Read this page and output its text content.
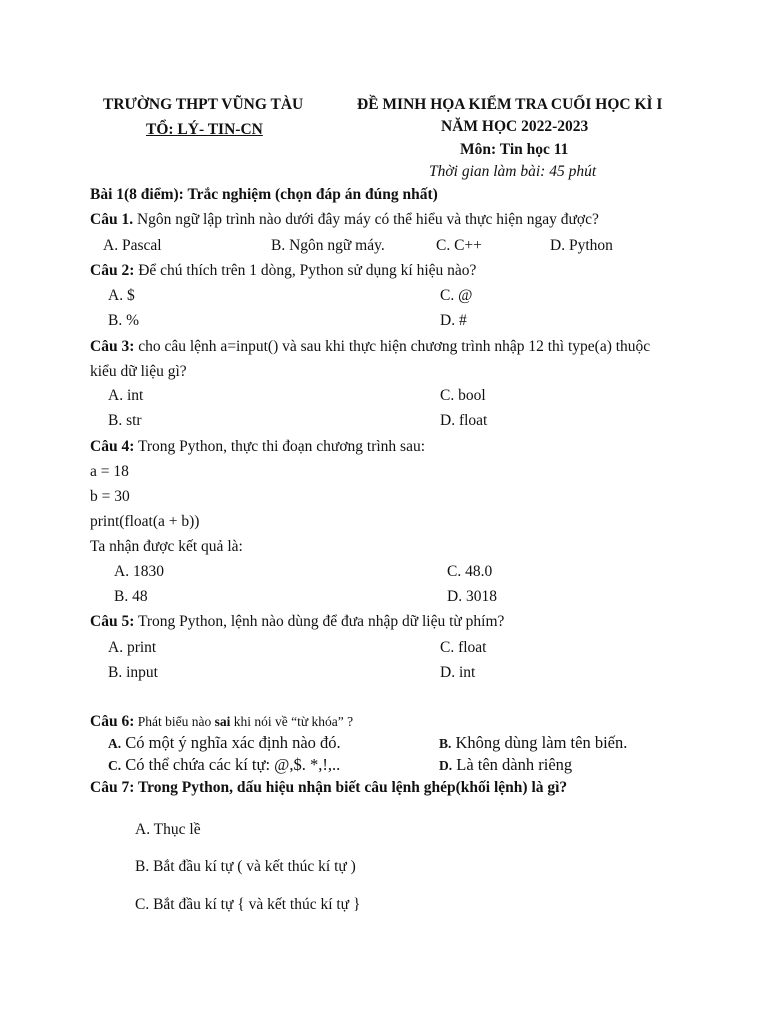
TRƯỜNG THPT VŨNG TÀU
TỔ: LÝ- TIN-CN
ĐỀ MINH HỌA KIỂM TRA CUỐI HỌC KÌ I
NĂM HỌC 2022-2023
Môn: Tin học 11
Thời gian làm bài: 45 phút
Bài 1(8 điểm): Trắc nghiệm (chọn đáp án đúng nhất)
Câu 1. Ngôn ngữ lập trình nào dưới đây máy có thể hiểu và thực hiện ngay được?
A. Pascal	B. Ngôn ngữ máy.	C. C++	D. Python
Câu 2: Để chú thích trên 1 dòng, Python sử dụng kí hiệu nào?
A. $	C. @
B. %	D. #
Câu 3: cho câu lệnh a=input() và sau khi thực hiện chương trình nhập 12 thì type(a) thuộc
kiểu dữ liệu gì?
A. int	C. bool
B. str	D. float
Câu 4: Trong Python, thực thi đoạn chương trình sau:
a = 18
b = 30
print(float(a + b))
Ta nhận được kết quả là:
A. 1830	C. 48.0
B. 48	D. 3018
Câu 5: Trong Python, lệnh nào dùng để đưa nhập dữ liệu từ phím?
A. print	C. float
B. input	D. int
Câu 6: Phát biểu nào sai khi nói về “từ khóa” ?
A. Có một ý nghĩa xác định nào đó.	B. Không dùng làm tên biến.
C. Có thể chứa các kí tự: @,$. *,!,..	D. Là tên dành riêng
Câu 7: Trong Python, dấu hiệu nhận biết câu lệnh ghép(khối lệnh) là gì?
A. Thục lề
B. Bắt đầu kí tự ( và kết thúc kí tự )
C. Bắt đầu kí tự { và kết thúc kí tự }
